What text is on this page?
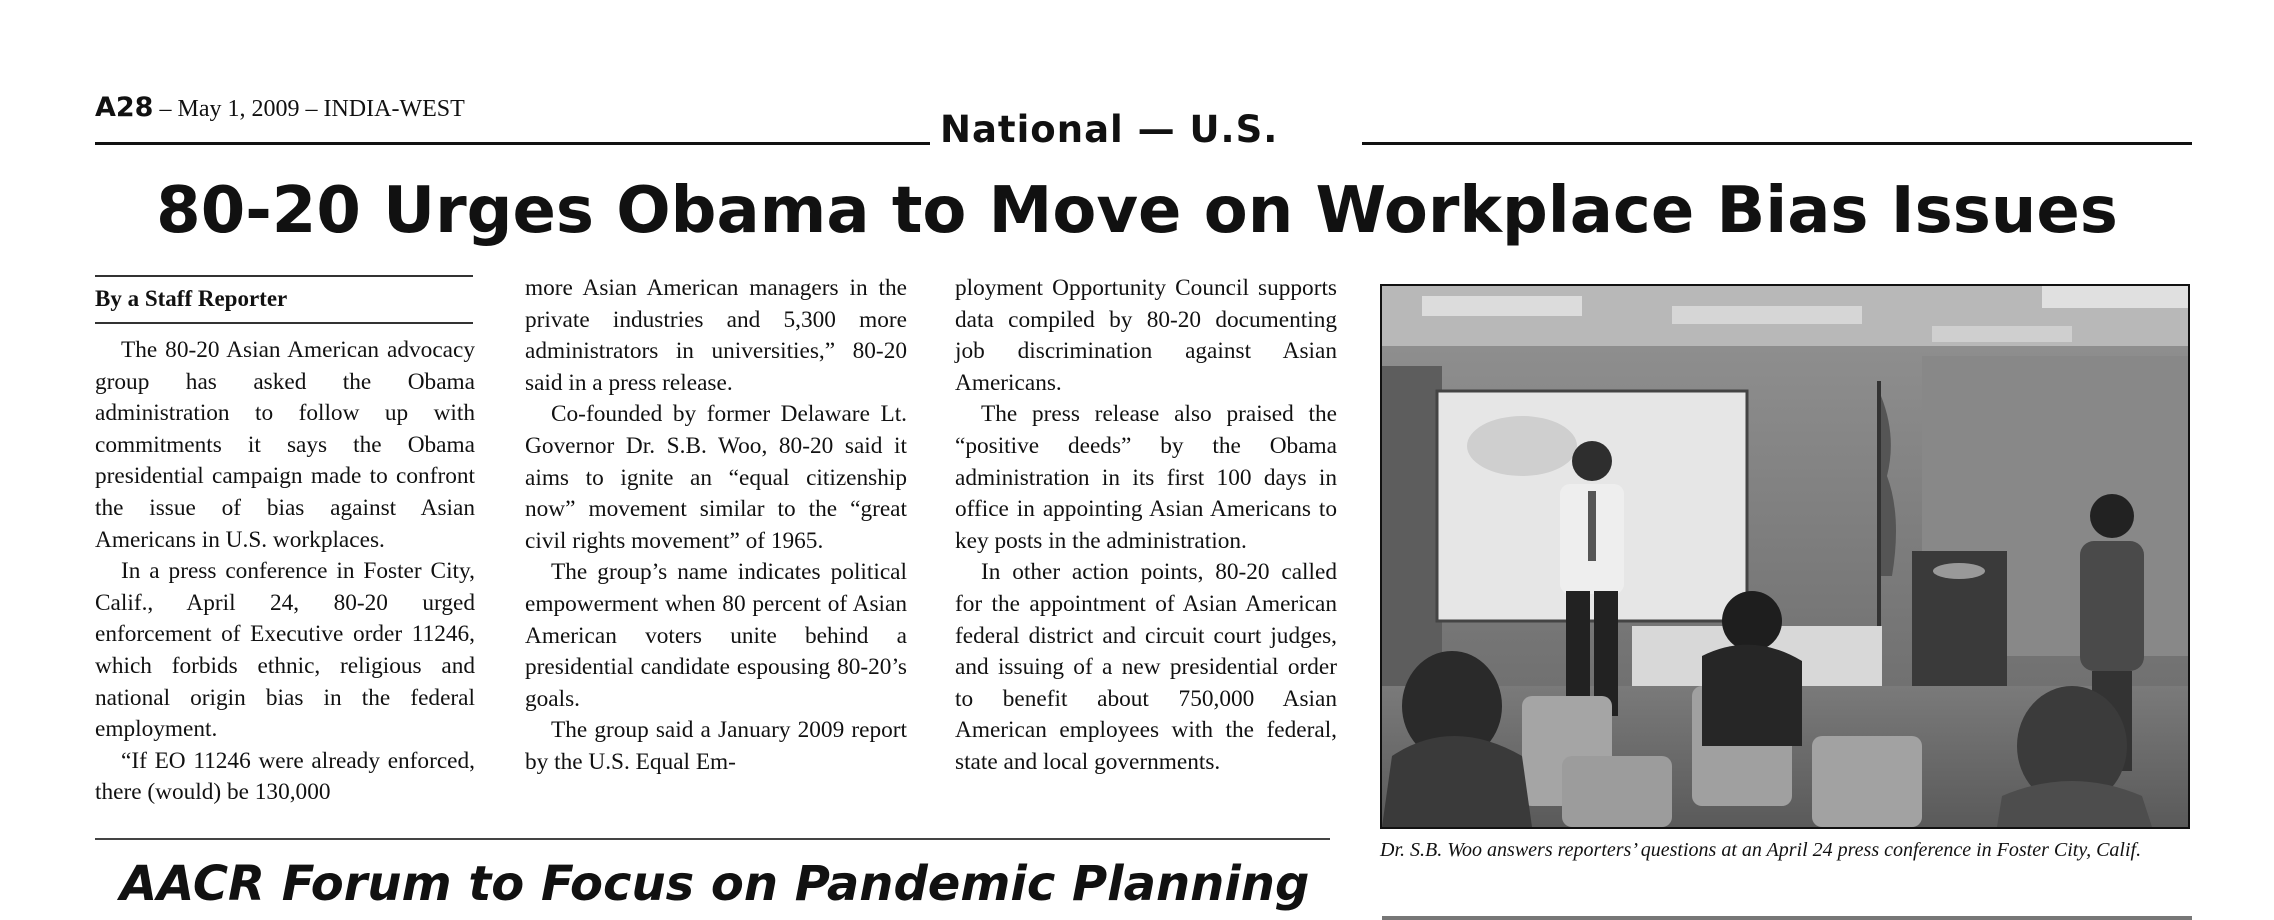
A28 – May 1, 2009 – INDIA-WEST	National — U.S.
80-20 Urges Obama to Move on Workplace Bias Issues
By a Staff Reporter

The 80-20 Asian American advocacy group has asked the Obama administration to follow up with commitments it says the Obama presidential campaign made to confront the issue of bias against Asian Americans in U.S. workplaces.

In a press conference in Foster City, Calif., April 24, 80-20 urged enforcement of Executive order 11246, which forbids ethnic, religious and national origin bias in the federal employment.

“If EO 11246 were already enforced, there (would) be 130,000

more Asian American managers in the private industries and 5,300 more administrators in universities,” 80-20 said in a press release.

Co-founded by former Delaware Lt. Governor Dr. S.B. Woo, 80-20 said it aims to ignite an “equal citizenship now” movement similar to the “great civil rights movement” of 1965.

The group’s name indicates political empowerment when 80 percent of Asian American voters unite behind a presidential candidate espousing 80-20’s goals.

The group said a January 2009 report by the U.S. Equal Em-

ployment Opportunity Council supports data compiled by 80-20 documenting job discrimination against Asian Americans.

The press release also praised the “positive deeds” by the Obama administration in its first 100 days in office in appointing Asian Americans to key posts in the administration.

In other action points, 80-20 called for the appointment of Asian American federal district and circuit court judges, and issuing of a new presidential order to benefit about 750,000 Asian American employees with the federal, state and local governments.

Dr. S.B. Woo answers reporters’ questions at an April 24 press conference in Foster City, Calif.
AACR Forum to Focus on Pandemic Planning
